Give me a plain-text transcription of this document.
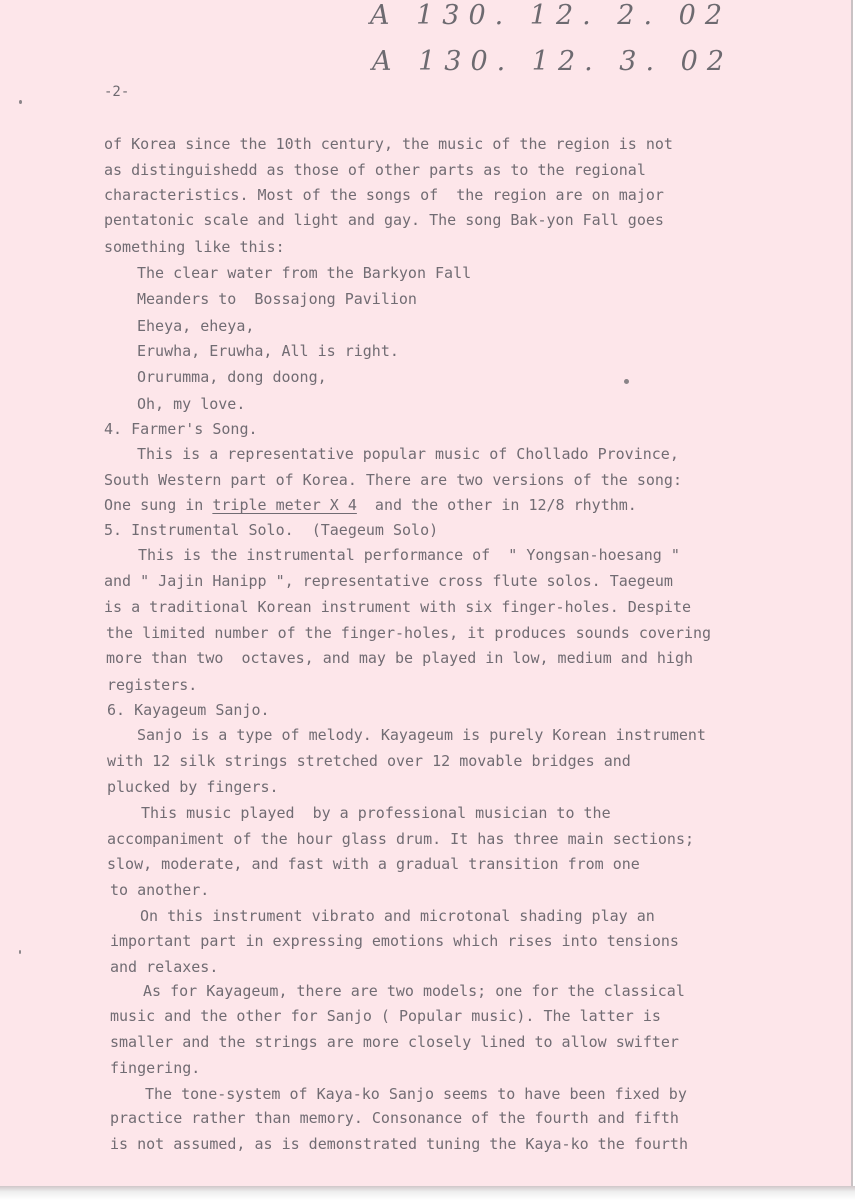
A 130. 12. 2. 02
A 130. 12. 3. 02
-2-

of Korea since the 10th century, the music of the region is not

as distinguishedd as those of other parts as to the regional

characteristics. Most of the songs of  the region are on major

pentatonic scale and light and gay. The song Bak-yon Fall goes

something like this:

The clear water from the Barkyon Fall

Meanders to  Bossajong Pavilion

Eheya, eheya,

Eruwha, Eruwha, All is right.

Orurumma, dong doong,

Oh, my love.

4. Farmer's Song.

This is a representative popular music of Chollado Province,

South Western part of Korea. There are two versions of the song:

One sung in triple meter X 4  and the other in 12/8 rhythm.

5. Instrumental Solo.  (Taegeum Solo)

This is the instrumental performance of  " Yongsan-hoesang "

and " Jajin Hanipp ", representative cross flute solos. Taegeum

is a traditional Korean instrument with six finger-holes. Despite

the limited number of the finger-holes, it produces sounds covering

more than two  octaves, and may be played in low, medium and high

registers.

6. Kayageum Sanjo.

Sanjo is a type of melody. Kayageum is purely Korean instrument

with 12 silk strings stretched over 12 movable bridges and

plucked by fingers.

This music played  by a professional musician to the

accompaniment of the hour glass drum. It has three main sections;

slow, moderate, and fast with a gradual transition from one

to another.

On this instrument vibrato and microtonal shading play an

important part in expressing emotions which rises into tensions

and relaxes.

As for Kayageum, there are two models; one for the classical

music and the other for Sanjo ( Popular music). The latter is

smaller and the strings are more closely lined to allow swifter

fingering.

The tone-system of Kaya-ko Sanjo seems to have been fixed by

practice rather than memory. Consonance of the fourth and fifth

is not assumed, as is demonstrated tuning the Kaya-ko the fourth
